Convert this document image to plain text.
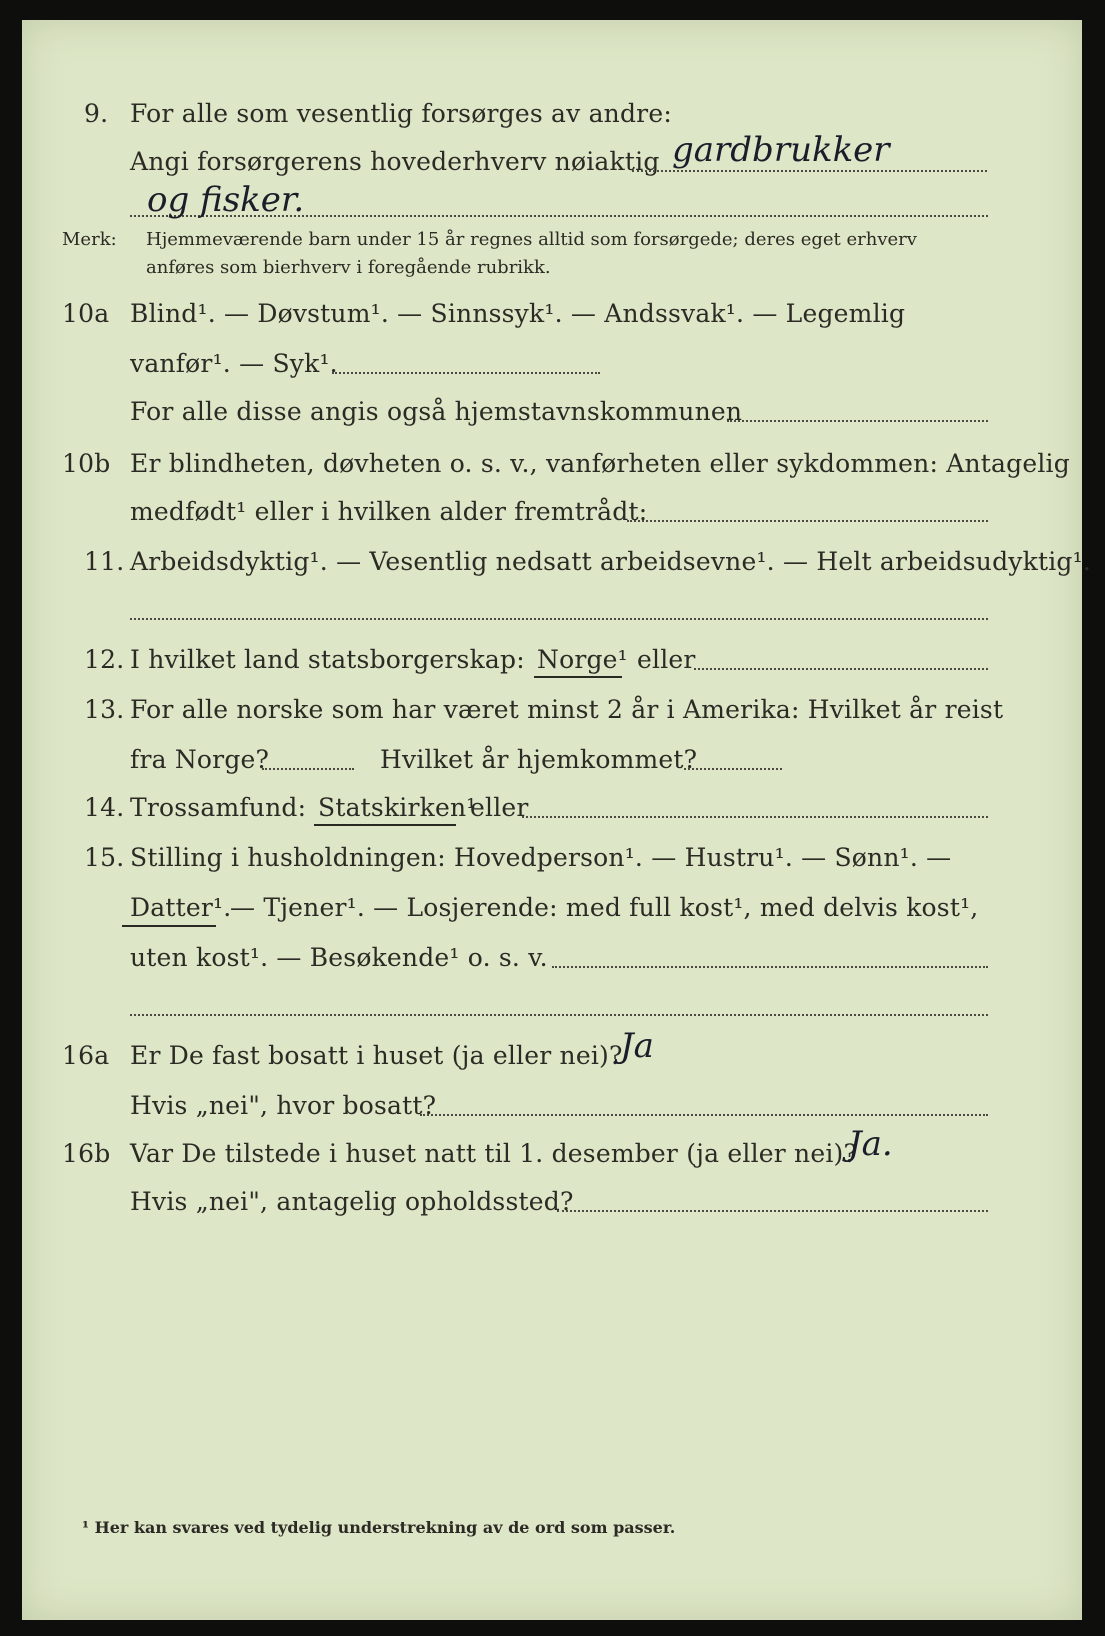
9. For alle som vesentlig forsørges av andre:
Angi forsørgerens hovederhverv nøiaktig gardbrukker
og fisker.
Merk: Hjemmeværende barn under 15 år regnes alltid som forsørgede; deres eget erhverv
anføres som bierhverv i foregående rubrikk.
10a Blind¹. — Døvstum¹. — Sinnssyk¹. — Andssvak¹. — Legemlig
vanfør¹. — Syk¹.
For alle disse angis også hjemstavnskommunen
10b Er blindheten, døvheten o. s. v., vanførheten eller sykdommen: Antagelig
medfødt¹ eller i hvilken alder fremtrådt:
11. Arbeidsdyktig¹. — Vesentlig nedsatt arbeidsevne¹. — Helt arbeidsudyktig¹.
12. I hvilket land statsborgerskap: Norge¹ eller
13. For alle norske som har været minst 2 år i Amerika: Hvilket år reist
fra Norge?	Hvilket år hjemkommet?
14. Trossamfund: Statskirken¹
eller
15. Stilling i husholdningen: Hovedperson¹. — Hustru¹. — Sønn¹. —
Datter¹.
— Tjener¹. — Losjerende: med full kost¹, med delvis kost¹,
uten kost¹. — Besøkende¹ o. s. v.
16a Er De fast bosatt i huset (ja eller nei)?
Ja
Hvis „nei", hvor bosatt?
16b Var De tilstede i huset natt til 1. desember (ja eller nei)?
Ja.
Hvis „nei", antagelig opholdssted?
¹ Her kan svares ved tydelig understrekning av de ord som passer.
